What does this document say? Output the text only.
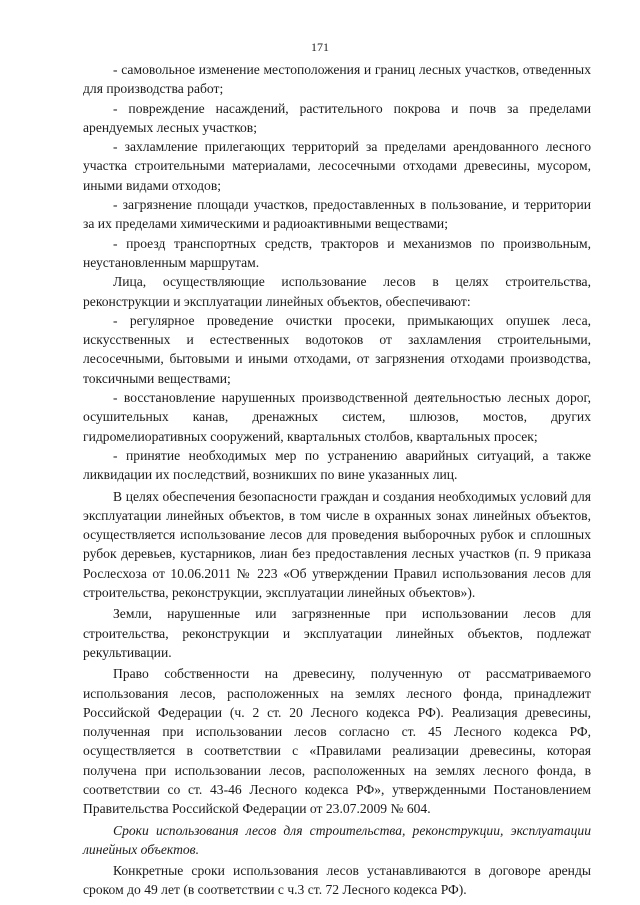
171

- самовольное изменение местоположения и границ лесных участков, отведенных для производства работ;

- повреждение насаждений, растительного покрова и почв за пределами арендуемых лесных участков;

- захламление прилегающих территорий за пределами арендованного лесного участка строительными материалами, лесосечными отходами древесины, мусором, иными видами отходов;

- загрязнение площади участков, предоставленных в пользование, и территории за их пределами химическими и радиоактивными веществами;

- проезд транспортных средств, тракторов и механизмов по произвольным, неустановленным маршрутам.

Лица, осуществляющие использование лесов в целях строительства, реконструкции и эксплуатации линейных объектов, обеспечивают:

- регулярное проведение очистки просеки, примыкающих опушек леса, искусственных и естественных водотоков от захламления строительными, лесосечными, бытовыми и иными отходами, от загрязнения отходами производства, токсичными веществами;

- восстановление нарушенных производственной деятельностью лесных дорог, осушительных канав, дренажных систем, шлюзов, мостов, других гидромелиоративных сооружений, квартальных столбов, квартальных просек;

- принятие необходимых мер по устранению аварийных ситуаций, а также ликвидации их последствий, возникших по вине указанных лиц.

В целях обеспечения безопасности граждан и создания необходимых условий для эксплуатации линейных объектов, в том числе в охранных зонах линейных объектов, осуществляется использование лесов для проведения выборочных рубок и сплошных рубок деревьев, кустарников, лиан без предоставления лесных участков (п. 9 приказа Рослесхоза от 10.06.2011 № 223 «Об утверждении Правил использования лесов для строительства, реконструкции, эксплуатации линейных объектов»).

Земли, нарушенные или загрязненные при использовании лесов для строительства, реконструкции и эксплуатации линейных объектов, подлежат рекультивации.

Право собственности на древесину, полученную от рассматриваемого использования лесов, расположенных на землях лесного фонда, принадлежит Российской Федерации (ч. 2 ст. 20 Лесного кодекса РФ). Реализация древесины, полученная при использовании лесов согласно ст. 45 Лесного кодекса РФ, осуществляется в соответствии с «Правилами реализации древесины, которая получена при использовании лесов, расположенных на землях лесного фонда, в соответствии со ст. 43-46 Лесного кодекса РФ», утвержденными Постановлением Правительства Российской Федерации от 23.07.2009 № 604.

Сроки использования лесов для строительства, реконструкции, эксплуатации линейных объектов.

Конкретные сроки использования лесов устанавливаются в договоре аренды сроком до 49 лет (в соответствии с ч.3 ст. 72 Лесного кодекса РФ).
